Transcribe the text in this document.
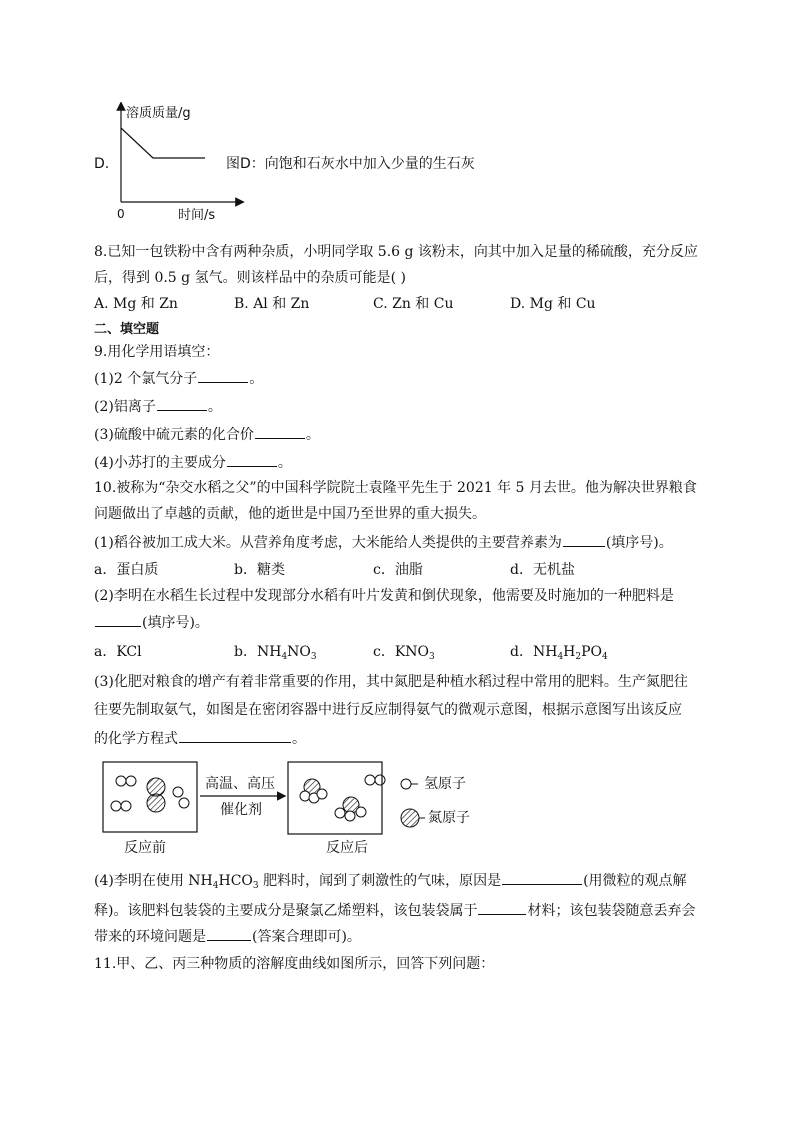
D.
溶质质量/g
0	时间/s
图D：向饱和石灰水中加入少量的生石灰
8.已知一包铁粉中含有两种杂质，小明同学取 5.6 g 该粉末，向其中加入足量的稀硫酸，充分反应
后，得到 0.5 g 氢气。则该样品中的杂质可能是( )
A. Mg 和 Zn	B. Al 和 Zn	C. Zn 和 Cu	D. Mg 和 Cu
二、填空题
9.用化学用语填空：
(1)2 个氯气分子	。
(2)铝离子	。
(3)硫酸中硫元素的化合价	。
(4)小苏打的主要成分	。
10.被称为“杂交水稻之父”的中国科学院院士袁隆平先生于 2021 年 5 月去世。他为解决世界粮食
问题做出了卓越的贡献，他的逝世是中国乃至世界的重大损失。
(1)稻谷被加工成大米。从营养角度考虑，大米能给人类提供的主要营养素为	(填序号)。
a．蛋白质	b．糖类	c．油脂	d．无机盐
(2)李明在水稻生长过程中发现部分水稻有叶片发黄和倒伏现象，他需要及时施加的一种肥料是
(填序号)。
a．KCl	b．$NH_4NO_3$	c．$KNO_3$	d．$NH_4H_2PO_4$
(3)化肥对粮食的增产有着非常重要的作用，其中氮肥是种植水稻过程中常用的肥料。生产氮肥往
往要先制取氨气，如图是在密闭容器中进行反应制得氨气的微观示意图，根据示意图写出该反应
的化学方程式	。
高温、高压
催化剂
氢原子
氮原子
反应前	反应后
(4)李明在使用 $NH_4HCO_3$ 肥料时，闻到了刺激性的气味，原因是	(用微粒的观点解
释)。该肥料包装袋的主要成分是聚氯乙烯塑料，该包装袋属于	材料；该包装袋随意丢弃会
带来的环境问题是	(答案合理即可)。
11.甲、乙、丙三种物质的溶解度曲线如图所示，回答下列问题：
